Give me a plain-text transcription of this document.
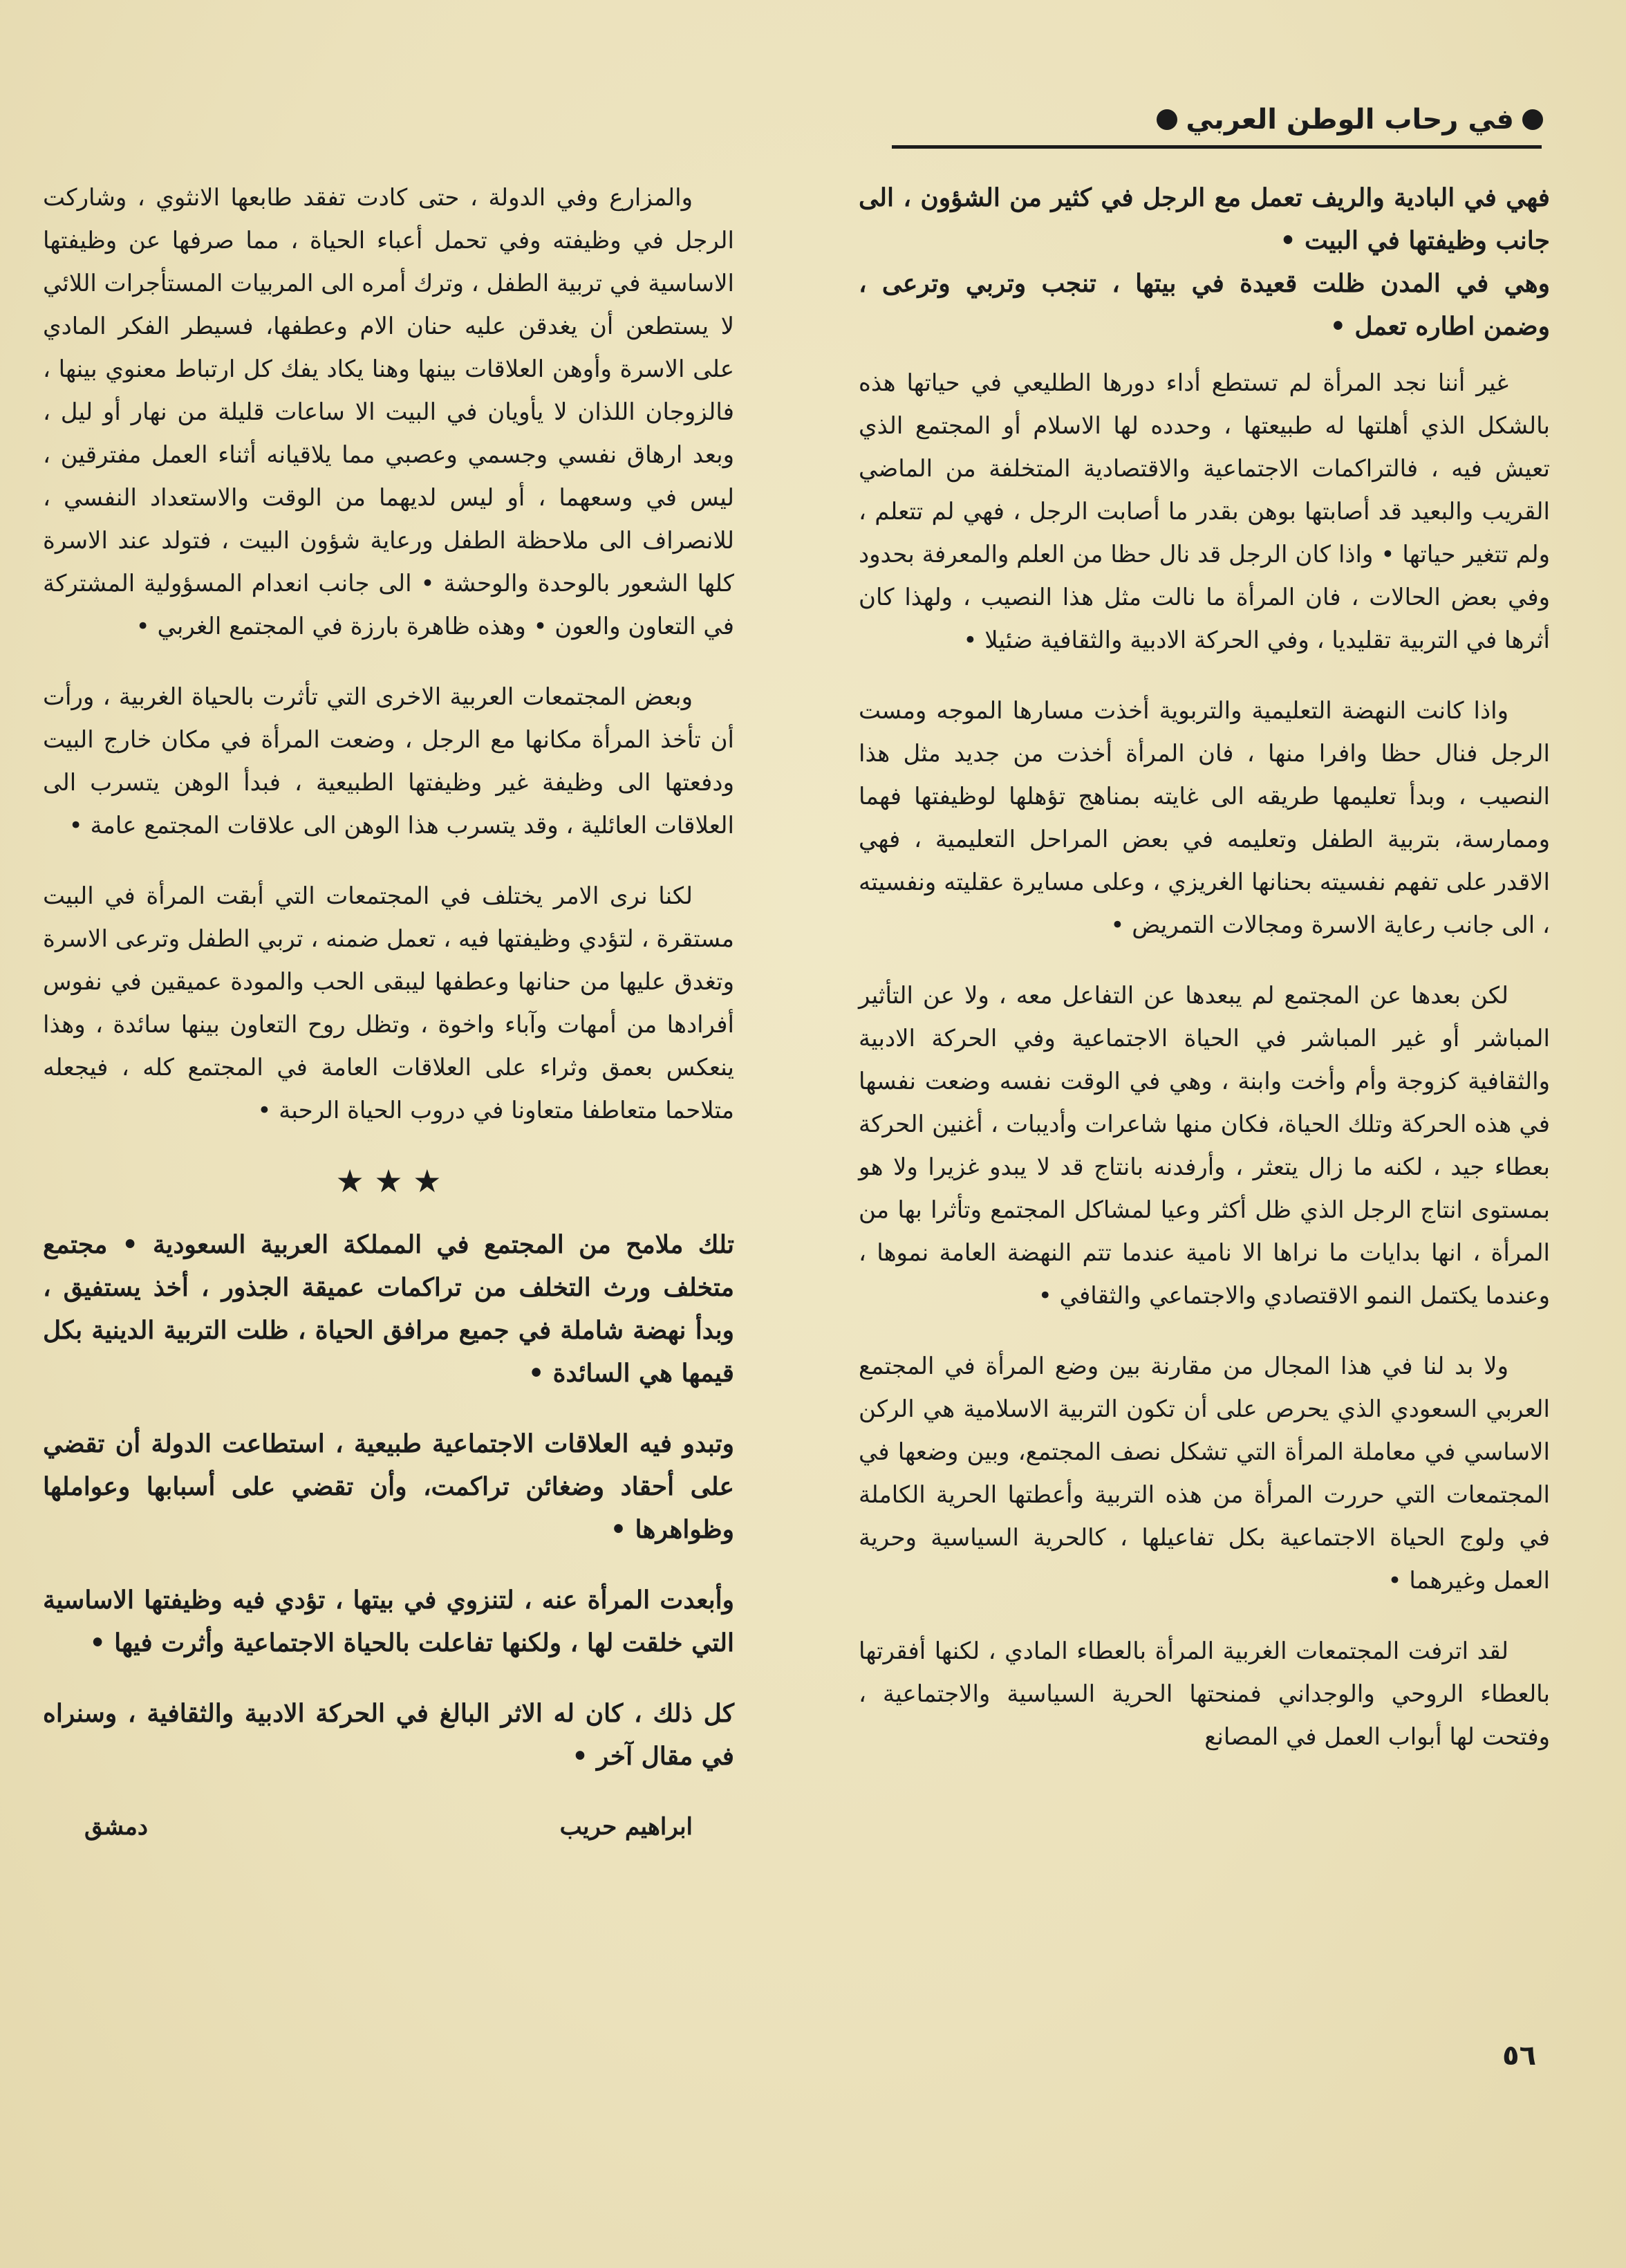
في رحاب الوطن العربي

فهي في البادية والريف تعمل مع الرجل في كثير من الشؤون ، الى جانب وظيفتها في البيت •

وهي في المدن ظلت قعيدة في بيتها ، تنجب وتربي وترعى ، وضمن اطاره تعمل •

غير أننا نجد المرأة لم تستطع أداء دورها الطليعي في حياتها هذه بالشكل الذي أهلتها له طبيعتها ، وحدده لها الاسلام أو المجتمع الذي تعيش فيه ، فالتراكمات الاجتماعية والاقتصادية المتخلفة من الماضي القريب والبعيد قد أصابتها بوهن بقدر ما أصابت الرجل ، فهي لم تتعلم ، ولم تتغير حياتها • واذا كان الرجل قد نال حظا من العلم والمعرفة بحدود وفي بعض الحالات ، فان المرأة ما نالت مثل هذا النصيب ، ولهذا كان أثرها في التربية تقليديا ، وفي الحركة الادبية والثقافية ضئيلا •

واذا كانت النهضة التعليمية والتربوية أخذت مسارها الموجه ومست الرجل فنال حظا وافرا منها ، فان المرأة أخذت من جديد مثل هذا النصيب ، وبدأ تعليمها طريقه الى غايته بمناهج تؤهلها لوظيفتها فهما وممارسة، بتربية الطفل وتعليمه في بعض المراحل التعليمية ، فهي الاقدر على تفهم نفسيته بحنانها الغريزي ، وعلى مسايرة عقليته ونفسيته ، الى جانب رعاية الاسرة ومجالات التمريض •

لكن بعدها عن المجتمع لم يبعدها عن التفاعل معه ، ولا عن التأثير المباشر أو غير المباشر في الحياة الاجتماعية وفي الحركة الادبية والثقافية كزوجة وأم وأخت وابنة ، وهي في الوقت نفسه وضعت نفسها في هذه الحركة وتلك الحياة، فكان منها شاعرات وأديبات ، أغنين الحركة بعطاء جيد ، لكنه ما زال يتعثر ، وأرفدنه بانتاج قد لا يبدو غزيرا ولا هو بمستوى انتاج الرجل الذي ظل أكثر وعيا لمشاكل المجتمع وتأثرا بها من المرأة ، انها بدايات ما نراها الا نامية عندما تتم النهضة العامة نموها ، وعندما يكتمل النمو الاقتصادي والاجتماعي والثقافي •

ولا بد لنا في هذا المجال من مقارنة بين وضع المرأة في المجتمع العربي السعودي الذي يحرص على أن تكون التربية الاسلامية هي الركن الاساسي في معاملة المرأة التي تشكل نصف المجتمع، وبين وضعها في المجتمعات التي حررت المرأة من هذه التربية وأعطتها الحرية الكاملة في ولوج الحياة الاجتماعية بكل تفاعيلها ، كالحرية السياسية وحرية العمل وغيرهما •

لقد اترفت المجتمعات الغربية المرأة بالعطاء المادي ، لكنها أفقرتها بالعطاء الروحي والوجداني فمنحتها الحرية السياسية والاجتماعية ، وفتحت لها أبواب العمل في المصانع

والمزارع وفي الدولة ، حتى كادت تفقد طابعها الانثوي ، وشاركت الرجل في وظيفته وفي تحمل أعباء الحياة ، مما صرفها عن وظيفتها الاساسية في تربية الطفل ، وترك أمره الى المربيات المستأجرات اللائي لا يستطعن أن يغدقن عليه حنان الام وعطفها، فسيطر الفكر المادي على الاسرة وأوهن العلاقات بينها وهنا يكاد يفك كل ارتباط معنوي بينها ، فالزوجان اللذان لا يأويان في البيت الا ساعات قليلة من نهار أو ليل ، وبعد ارهاق نفسي وجسمي وعصبي مما يلاقيانه أثناء العمل مفترقين ، ليس في وسعهما ، أو ليس لديهما من الوقت والاستعداد النفسي ، للانصراف الى ملاحظة الطفل ورعاية شؤون البيت ، فتولد عند الاسرة كلها الشعور بالوحدة والوحشة • الى جانب انعدام المسؤولية المشتركة في التعاون والعون • وهذه ظاهرة بارزة في المجتمع الغربي •

وبعض المجتمعات العربية الاخرى التي تأثرت بالحياة الغربية ، ورأت أن تأخذ المرأة مكانها مع الرجل ، وضعت المرأة في مكان خارج البيت ودفعتها الى وظيفة غير وظيفتها الطبيعية ، فبدأ الوهن يتسرب الى العلاقات العائلية ، وقد يتسرب هذا الوهن الى علاقات المجتمع عامة •

لكنا نرى الامر يختلف في المجتمعات التي أبقت المرأة في البيت مستقرة ، لتؤدي وظيفتها فيه ، تعمل ضمنه ، تربي الطفل وترعى الاسرة وتغدق عليها من حنانها وعطفها ليبقى الحب والمودة عميقين في نفوس أفرادها من أمهات وآباء واخوة ، وتظل روح التعاون بينها سائدة ، وهذا ينعكس بعمق وثراء على العلاقات العامة في المجتمع كله ، فيجعله متلاحما متعاطفا متعاونا في دروب الحياة الرحبة •

★ ★ ★

تلك ملامح من المجتمع في المملكة العربية السعودية • مجتمع متخلف ورث التخلف من تراكمات عميقة الجذور ، أخذ يستفيق ، وبدأ نهضة شاملة في جميع مرافق الحياة ، ظلت التربية الدينية بكل قيمها هي السائدة •

وتبدو فيه العلاقات الاجتماعية طبيعية ، استطاعت الدولة أن تقضي على أحقاد وضغائن تراكمت، وأن تقضي على أسبابها وعواملها وظواهرها •

وأبعدت المرأة عنه ، لتنزوي في بيتها ، تؤدي فيه وظيفتها الاساسية التي خلقت لها ، ولكنها تفاعلت بالحياة الاجتماعية وأثرت فيها •

كل ذلك ، كان له الاثر البالغ في الحركة الادبية والثقافية ، وسنراه في مقال آخر •

ابراهيم حريب
دمشق
٥٦
